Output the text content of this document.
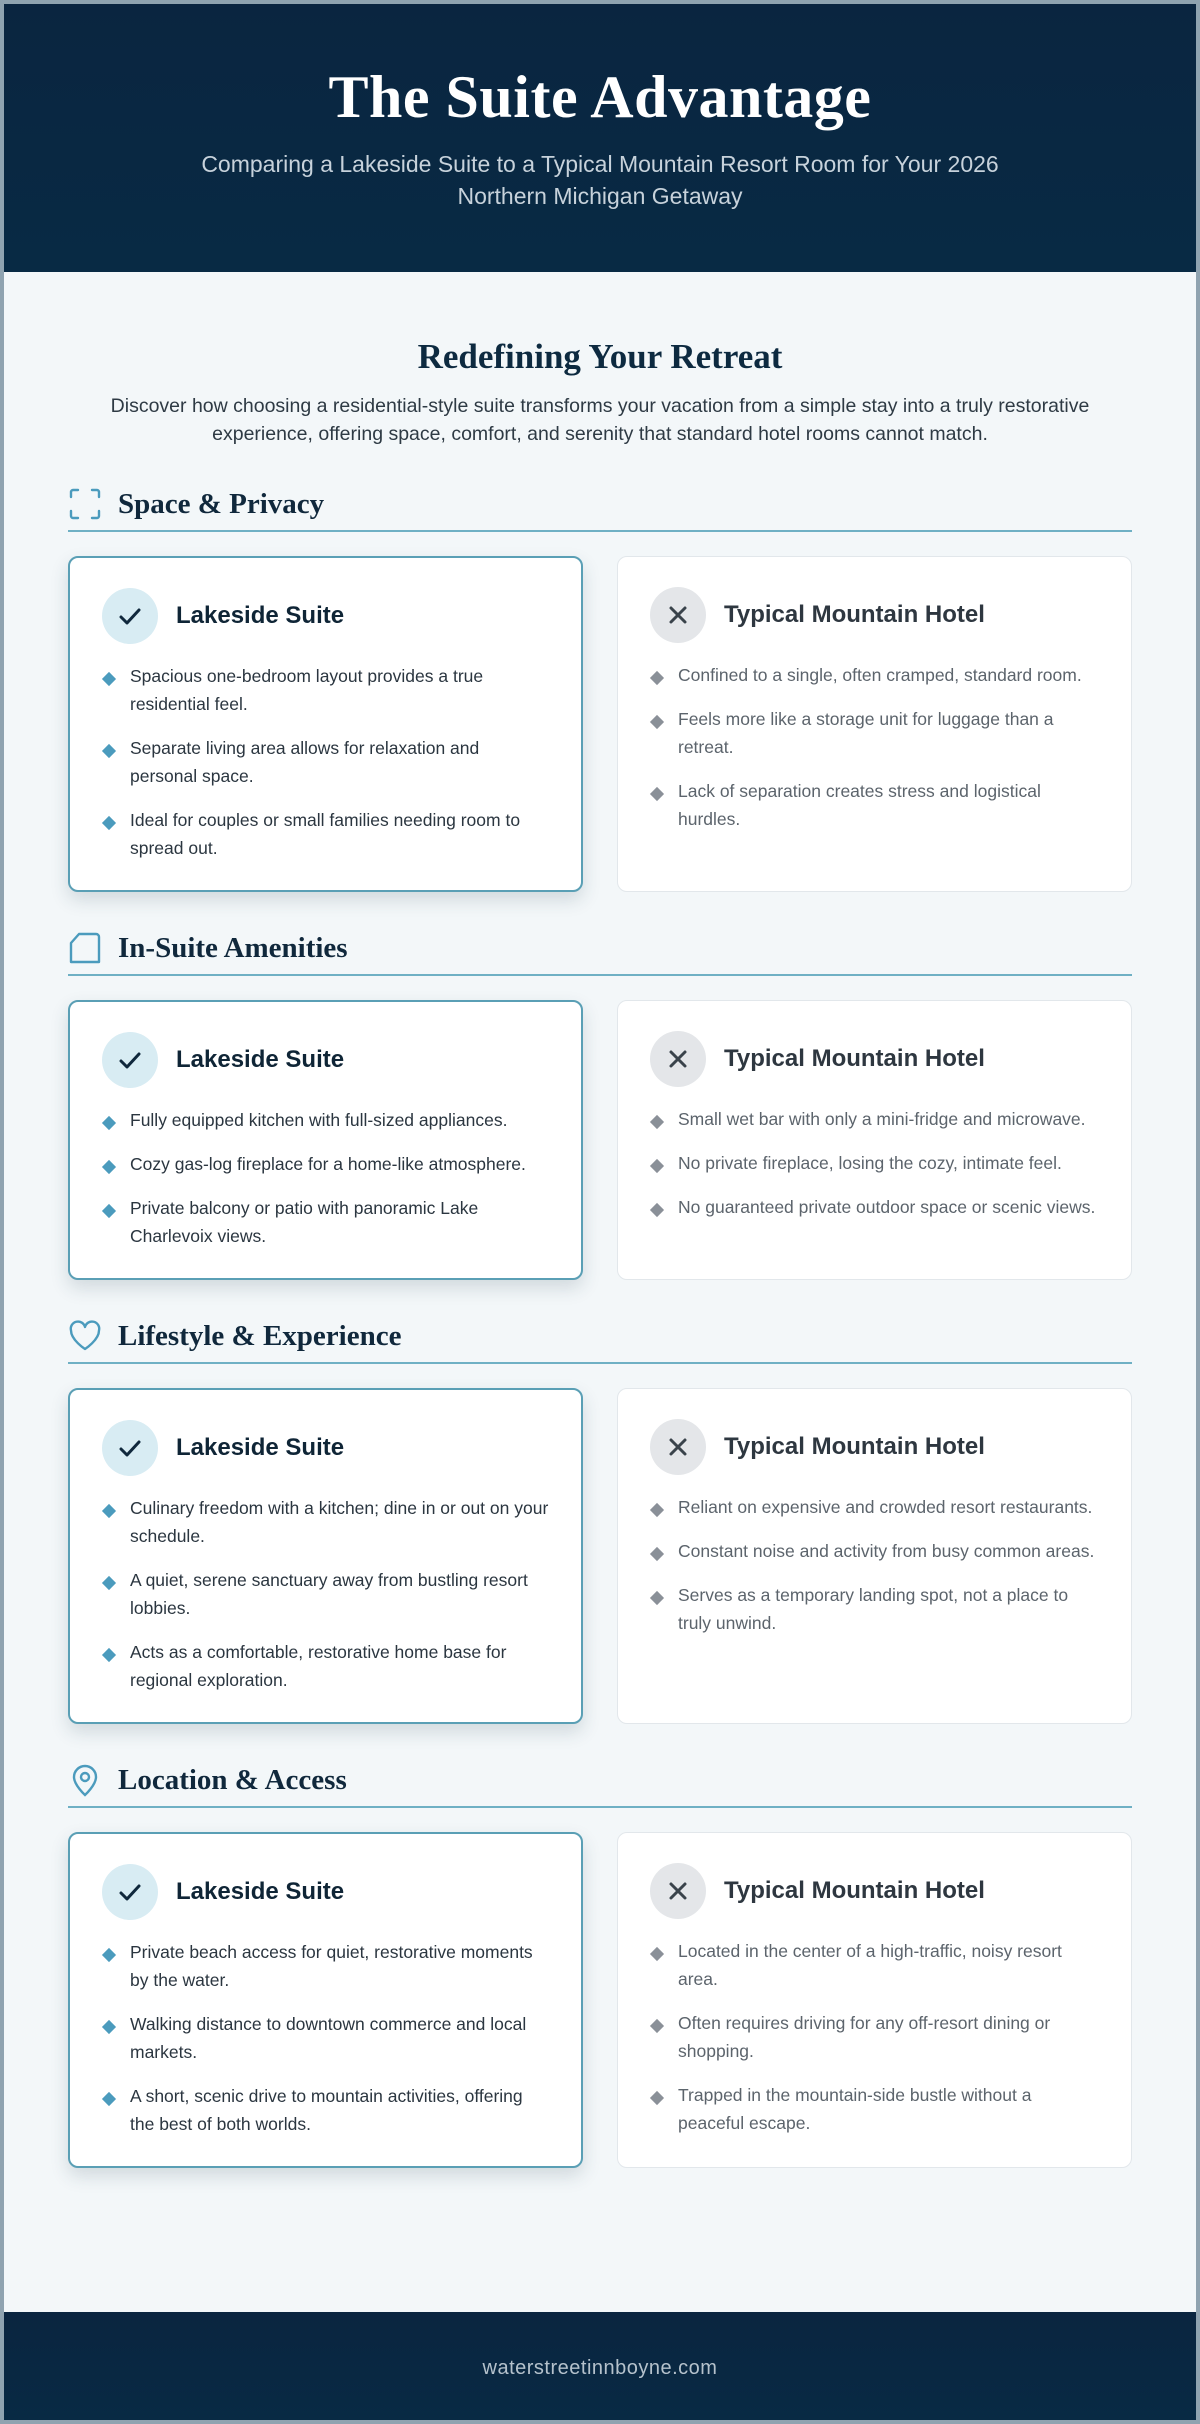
The Suite Advantage

Comparing a Lakeside Suite to a Typical Mountain Resort Room for Your 2026 Northern Michigan Getaway

Redefining Your Retreat

Discover how choosing a residential-style suite transforms your vacation from a simple stay into a truly restorative experience, offering space, comfort, and serenity that standard hotel rooms cannot match.

Space & Privacy
Lakeside Suite
Spacious one-bedroom layout provides a true residential feel.
Separate living area allows for relaxation and personal space.
Ideal for couples or small families needing room to spread out.
Typical Mountain Hotel
Confined to a single, often cramped, standard room.
Feels more like a storage unit for luggage than a retreat.
Lack of separation creates stress and logistical hurdles.
In-Suite Amenities
Lakeside Suite
Fully equipped kitchen with full-sized appliances.
Cozy gas-log fireplace for a home-like atmosphere.
Private balcony or patio with panoramic Lake Charlevoix views.
Typical Mountain Hotel
Small wet bar with only a mini-fridge and microwave.
No private fireplace, losing the cozy, intimate feel.
No guaranteed private outdoor space or scenic views.
Lifestyle & Experience
Lakeside Suite
Culinary freedom with a kitchen; dine in or out on your schedule.
A quiet, serene sanctuary away from bustling resort lobbies.
Acts as a comfortable, restorative home base for regional exploration.
Typical Mountain Hotel
Reliant on expensive and crowded resort restaurants.
Constant noise and activity from busy common areas.
Serves as a temporary landing spot, not a place to truly unwind.
Location & Access
Lakeside Suite
Private beach access for quiet, restorative moments by the water.
Walking distance to downtown commerce and local markets.
A short, scenic drive to mountain activities, offering the best of both worlds.
Typical Mountain Hotel
Located in the center of a high-traffic, noisy resort area.
Often requires driving for any off-resort dining or shopping.
Trapped in the mountain-side bustle without a peaceful escape.
waterstreetinnboyne.com
